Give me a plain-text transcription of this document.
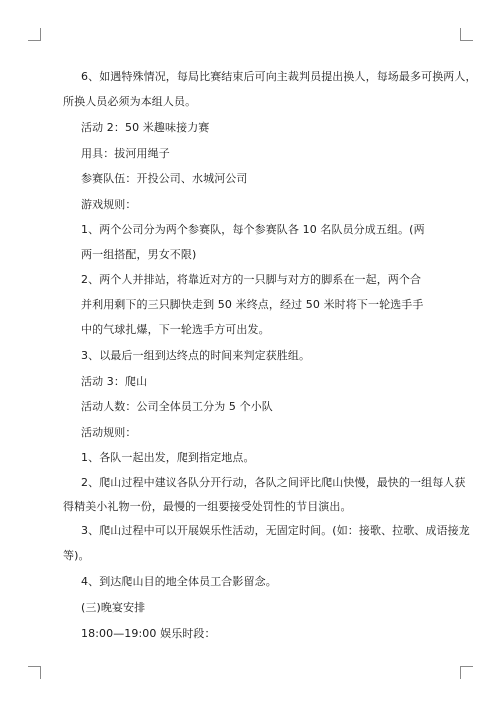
6、如遇特殊情况，每局比赛结束后可向主裁判员提出换人，每场最多可换两人，
所换人员必须为本组人员。
活动 2：50 米趣味接力赛
用具：拔河用绳子
参赛队伍：开投公司、水城河公司
游戏规则：
1、两个公司分为两个参赛队，每个参赛队各 10 名队员分成五组。(两
两一组搭配，男女不限)
2、两个人并排站，将靠近对方的一只脚与对方的脚系在一起，两个合
并利用剩下的三只脚快走到 50 米终点，经过 50 米时将下一轮选手手
中的气球扎爆，下一轮选手方可出发。
3、以最后一组到达终点的时间来判定获胜组。
活动 3：爬山
活动人数：公司全体员工分为 5 个小队
活动规则：
1、各队一起出发，爬到指定地点。
2、爬山过程中建议各队分开行动，各队之间评比爬山快慢，最快的一组每人获
得精美小礼物一份，最慢的一组要接受处罚性的节目演出。
3、爬山过程中可以开展娱乐性活动，无固定时间。(如：接歌、拉歌、成语接龙
等)。
4、到达爬山目的地全体员工合影留念。
(三)晚宴安排
18:00—19:00 娱乐时段：
